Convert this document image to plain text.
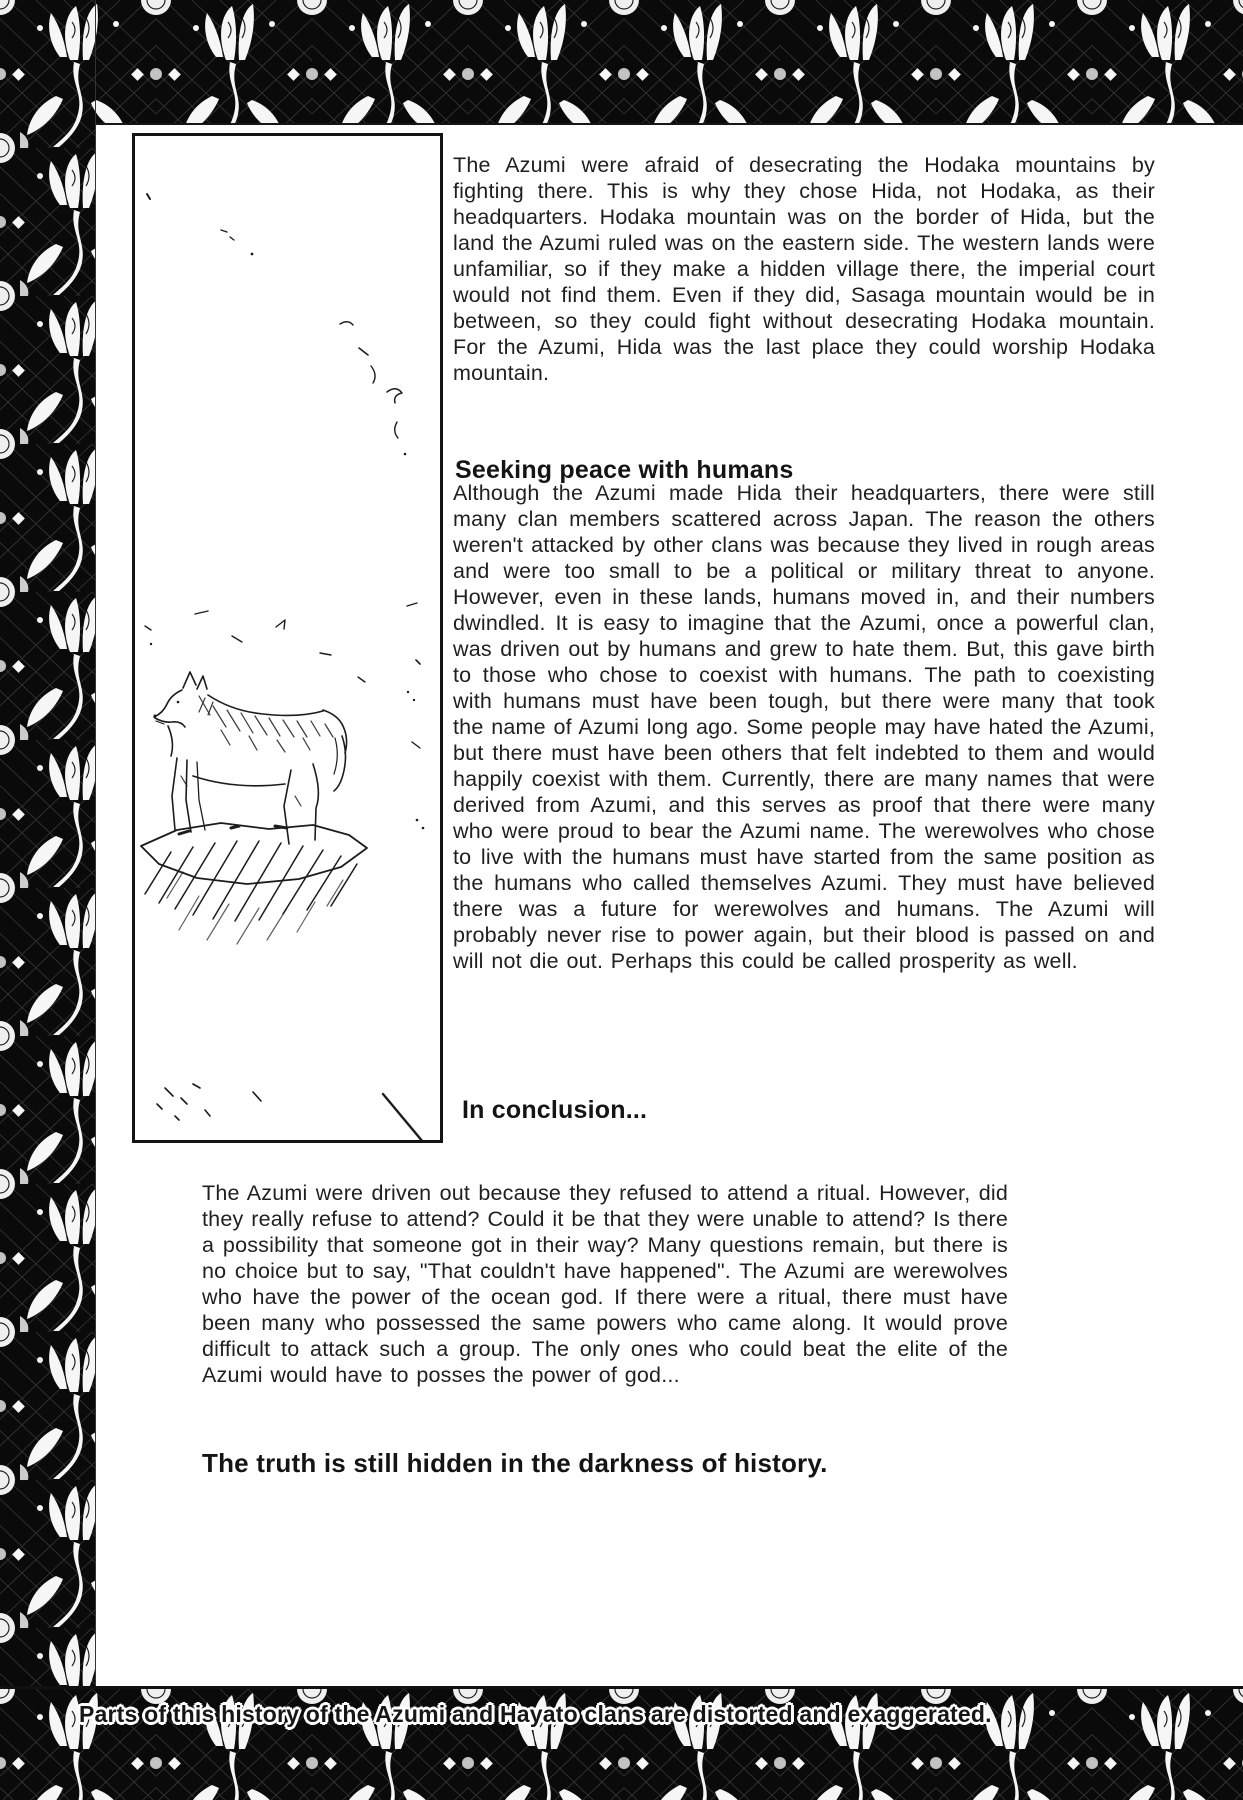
The Azumi were afraid of desecrating the Hodaka mountains by fighting there. This is why they chose Hida, not Hodaka, as their headquarters. Hodaka mountain was on the border of Hida, but the land the Azumi ruled was on the eastern side. The western lands were unfamiliar, so if they make a hidden village there, the imperial court would not find them. Even if they did, Sasaga mountain would be in between, so they could fight without desecrating Hodaka mountain. For the Azumi, Hida was the last place they could worship Hodaka mountain.

Seeking peace with humans

Although the Azumi made Hida their headquarters, there were still many clan members scattered across Japan. The reason the others weren't attacked by other clans was because they lived in rough areas and were too small to be a political or military threat to anyone. However, even in these lands, humans moved in, and their numbers dwindled. It is easy to imagine that the Azumi, once a powerful clan, was driven out by humans and grew to hate them. But, this gave birth to those who chose to coexist with humans. The path to coexisting with humans must have been tough, but there were many that took the name of Azumi long ago. Some people may have hated the Azumi, but there must have been others that felt indebted to them and would happily coexist with them. Currently, there are many names that were derived from Azumi, and this serves as proof that there were many who were proud to bear the Azumi name. The werewolves who chose to live with the humans must have started from the same position as the humans who called themselves Azumi. They must have believed there was a future for werewolves and humans. The Azumi will probably never rise to power again, but their blood is passed on and will not die out. Perhaps this could be called prosperity as well.

In conclusion...

The Azumi were driven out because they refused to attend a ritual. However, did they really refuse to attend? Could it be that they were unable to attend? Is there a possibility that someone got in their way? Many questions remain, but there is no choice but to say, "That couldn't have happened". The Azumi are werewolves who have the power of the ocean god. If there were a ritual, there must have been many who possessed the same powers who came along. It would prove difficult to attack such a group. The only ones who could beat the elite of the Azumi would have to posses the power of god...

The truth is still hidden in the darkness of history.
Parts of this history of the Azumi and Hayato clans are distorted and exaggerated.
